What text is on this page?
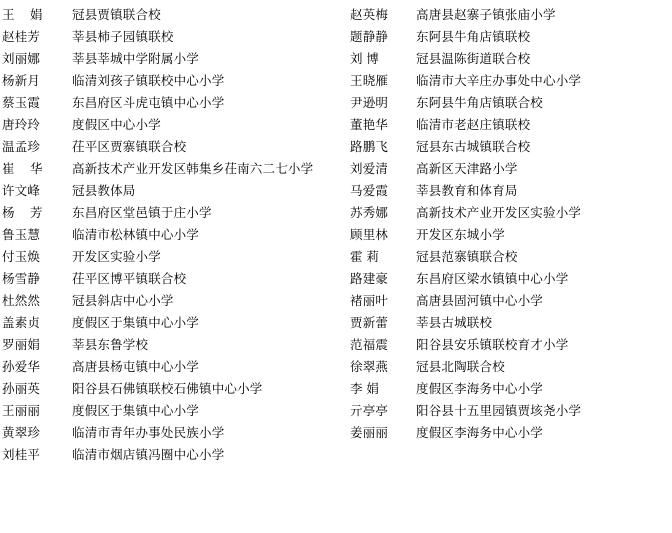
王 娟	冠县贾镇联合校		赵英梅	高唐县赵寨子镇张庙小学
赵桂芳	莘县柿子园镇联校		题静静	东阿县牛角店镇联校
刘丽娜	莘县莘城中学附属小学		刘 博	冠县温陈街道联合校
杨新月	临清刘孩子镇联校中心小学		王晓雁	临清市大辛庄办事处中心小学
蔡玉霞	东昌府区斗虎屯镇中心小学		尹逊明	东阿县牛角店镇联合校
唐玲玲	度假区中心小学		董艳华	临清市老赵庄镇联校
温孟珍	茌平区贾寨镇联合校		路鹏飞	冠县东古城镇联合校
崔 华	高新技术产业开发区韩集乡茌南六二七小学		刘爱清	高新区天津路小学
许文峰	冠县教体局		马爱霞	莘县教育和体育局
杨 芳	东昌府区堂邑镇于庄小学		苏秀娜	高新技术产业开发区实验小学
鲁玉慧	临清市松林镇中心小学		顾里林	开发区东城小学
付玉焕	开发区实验小学		霍 莉	冠县范寨镇联合校
杨雪静	茌平区博平镇联合校		路建豪	东昌府区梁水镇镇中心小学
杜然然	冠县斜店中心小学		褚丽叶	高唐县固河镇中心小学
盖素贞	度假区于集镇中心小学		贾新蕾	莘县古城联校
罗丽娟	莘县东鲁学校		范福震	阳谷县安乐镇联校育才小学
孙爱华	高唐县杨屯镇中心小学		徐翠燕	冠县北陶联合校
孙丽英	阳谷县石佛镇联校石佛镇中心小学		李 娟	度假区李海务中心小学
王丽丽	度假区于集镇中心小学		亓亭亭	阳谷县十五里园镇贾垓尧小学
黄翠珍	临清市青年办事处民族小学		姜丽丽	度假区李海务中心小学
刘桂平	临清市烟店镇冯圈中心小学			
